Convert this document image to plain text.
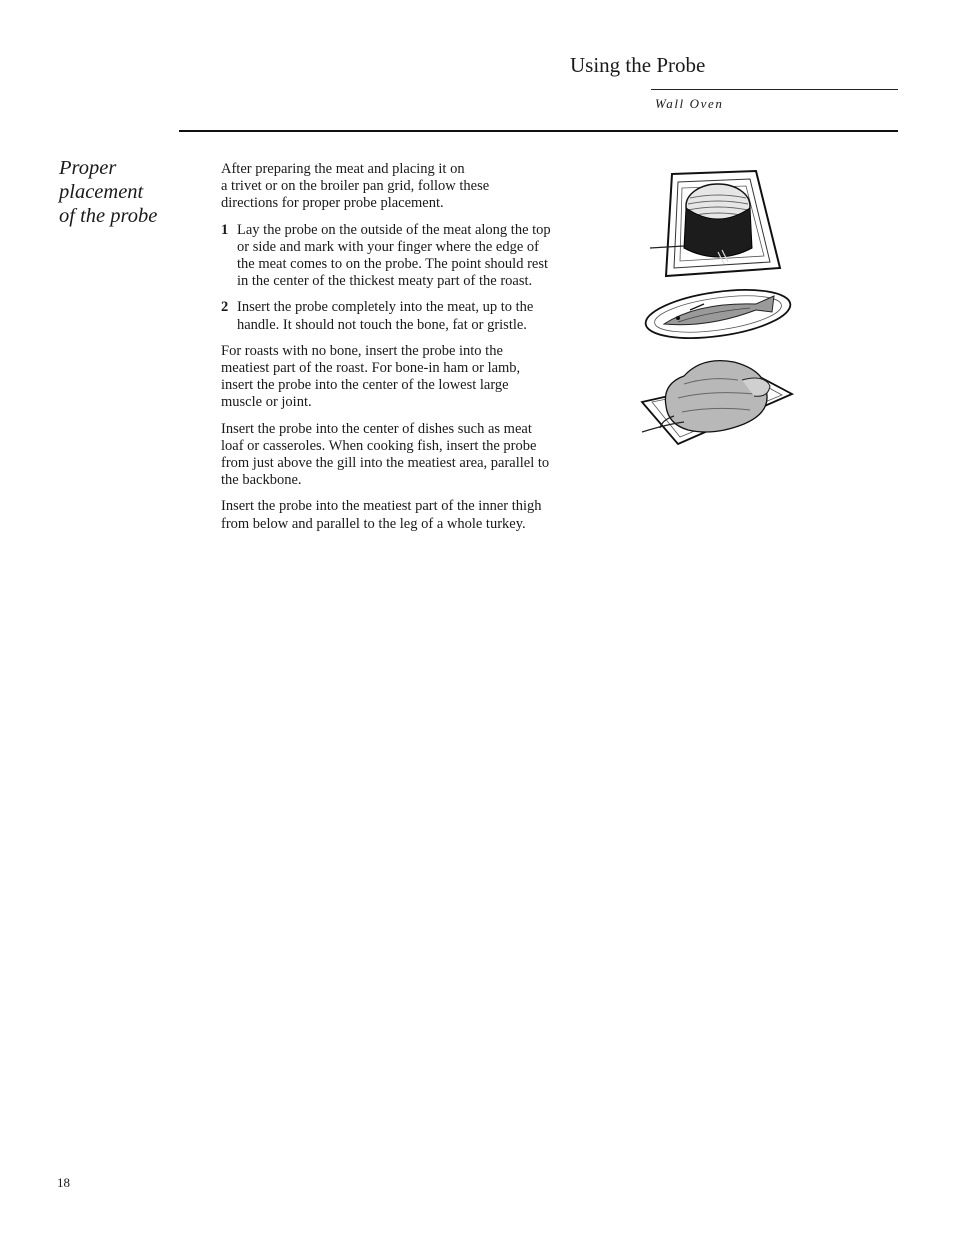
Using the Probe
Wall Oven
Proper
placement
of the probe

After preparing the meat and placing it on
a trivet or on the broiler pan grid, follow these
directions for proper probe placement.

1 Lay the probe on the outside of the meat along the top or side and mark with your finger where the edge of the meat comes to on the probe. The point should rest in the center of the thickest meaty part of the roast.
2 Insert the probe completely into the meat, up to the handle. It should not touch the bone, fat or gristle.

For roasts with no bone, insert the probe into the meatiest part of the roast. For bone-in ham or lamb, insert the probe into the center of the lowest large muscle or joint.

Insert the probe into the center of dishes such as meat loaf or casseroles. When cooking fish, insert the probe from just above the gill into the meatiest area, parallel to the backbone.

Insert the probe into the meatiest part of the inner thigh from below and parallel to the leg of a whole turkey.

18
